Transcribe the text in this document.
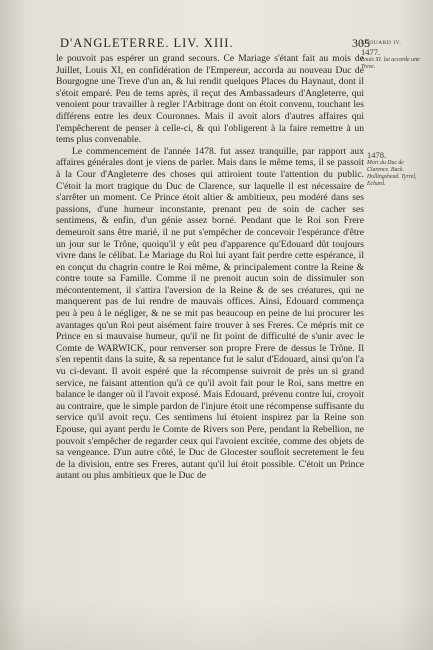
D'ANGLETERRE. LIV. XIII.	305
EDOUARD IV.
1477.
Louis XI. lui accorde une Treve.
1478.
Mort du Duc de Clarence. Buck. Hollingshead. Tyrrel, Echard.

le pouvoit pas espérer un grand secours. Ce Mariage s'étant fait au mois de Juillet, Louis XI, en confidération de l'Empereur, accorda au nouveau Duc de Bourgogne une Treve d'un an, & lui rendit quelques Places du Haynaut, dont il s'étoit emparé. Peu de tems après, il reçut des Ambassadeurs d'Angleterre, qui venoient pour travailler à regler l'Arbitrage dont on étoit convenu, touchant les différens entre les deux Couronnes. Mais il avoit alors d'autres affaires qui l'empêcherent de penser à celle-ci, & qui l'obligerent à la faire remettre à un tems plus convenable.

Le commencement de l'année 1478. fut assez tranquille, par rapport aux affaires générales dont je viens de parler. Mais dans le même tems, il se passoit à la Cour d'Angleterre des choses qui attiroient toute l'attention du public. C'étoit la mort tragique du Duc de Clarence, sur laquelle il est nécessaire de s'arrêter un moment. Ce Prince étoit altier & ambitieux, peu modéré dans ses passions, d'une humeur inconstante, prenant peu de soin de cacher ses sentimens, & enfin, d'un génie assez borné. Pendant que le Roi son Frere demeuroit sans être marié, il ne put s'empêcher de concevoir l'espérance d'être un jour sur le Trône, quoiqu'il y eût peu d'apparence qu'Edouard dût toujours vivre dans le célibat. Le Mariage du Roi lui ayant fait perdre cette espérance, il en conçut du chagrin contre le Roi même, & principalement contre la Reine & contre toute sa Famille. Comme il ne prenoit aucun soin de dissimuler son mécontentement, il s'attira l'aversion de la Reine & de ses créatures, qui ne manquerent pas de lui rendre de mauvais offices. Ainsi, Edouard commença peu à peu à le négliger, & ne se mit pas beaucoup en peine de lui procurer les avantages qu'un Roi peut aisément faire trouver à ses Freres. Ce mépris mit ce Prince en si mauvaise humeur, qu'il ne fit point de difficulté de s'unir avec le Comte de WARWICK, pour renverser son propre Frere de dessus le Trône. Il s'en repentit dans la suite, & sa repentance fut le salut d'Edouard, ainsi qu'on l'a vu ci-devant. Il avoit espéré que la récompense suivroit de près un si grand service, ne faisant attention qu'à ce qu'il avoit fait pour le Roi, sans mettre en balance le danger où il l'avoit exposé. Mais Edouard, prévenu contre lui, croyoit au contraire, que le simple pardon de l'injure étoit une récompense suffisante du service qu'il avoit reçu. Ces sentimens lui étoient inspirez par la Reine son Epouse, qui ayant perdu le Comte de Rivers son Pere, pendant la Rebellion, ne pouvoit s'empêcher de regarder ceux qui l'avoient excitée, comme des objets de sa vengeance. D'un autre côté, le Duc de Glocester soufloit secretement le feu de la division, entre ses Freres, autant qu'il lui étoit possible. C'étoit un Prince autant ou plus ambitieux que le Duc de
